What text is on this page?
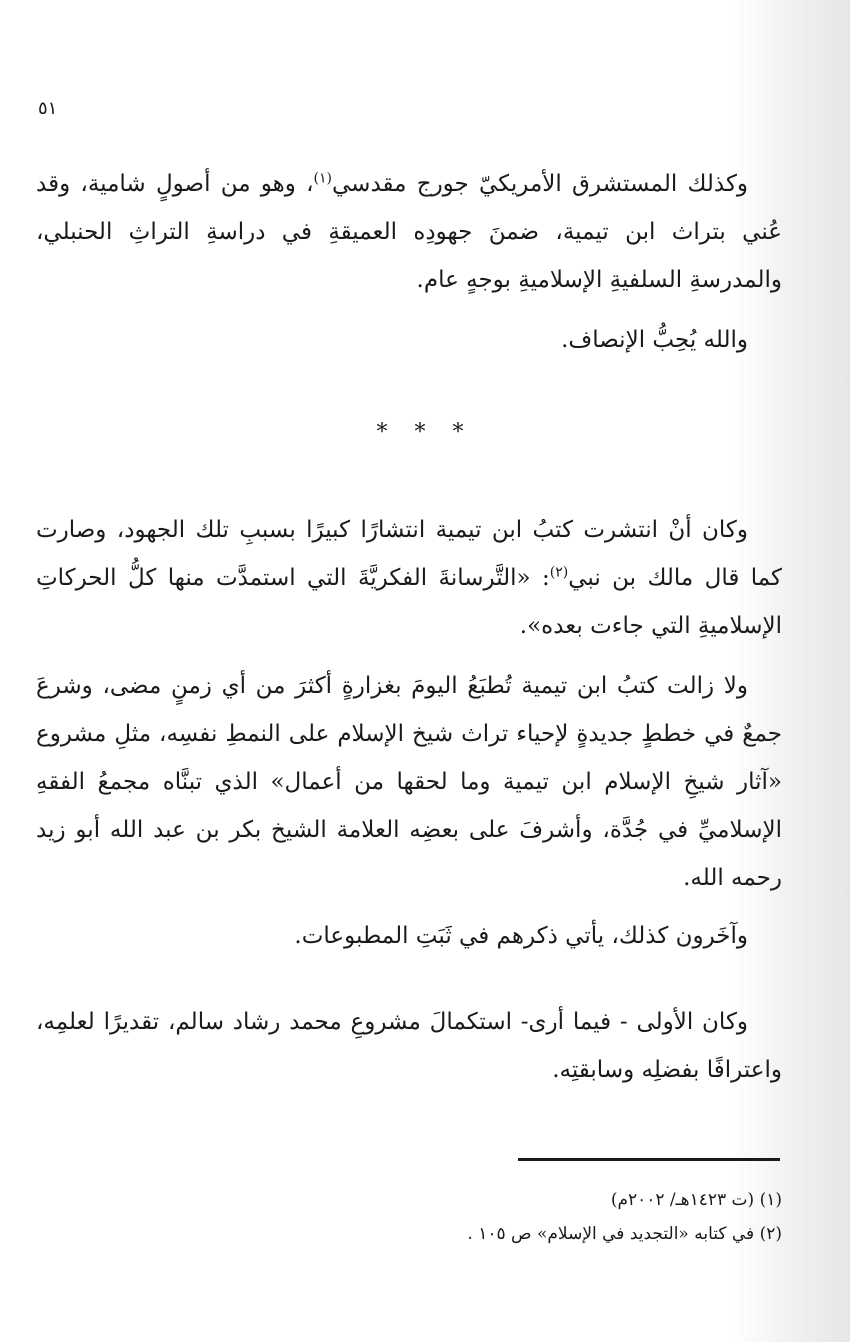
٥١

وكذلك المستشرق الأمريكيّ جورج مقدسي$^{(١)}$، وهو من أصولٍ شامية، وقد عُني بتراث ابن تيمية، ضمنَ جهودِه العميقةِ في دراسةِ التراثِ الحنبلي، والمدرسةِ السلفيةِ الإسلاميةِ بوجهٍ عام.

والله يُحِبُّ الإنصاف.

* * *

وكان أنْ انتشرت كتبُ ابن تيمية انتشارًا كبيرًا بسببِ تلك الجهود، وصارت كما قال مالك بن نبي$^{(٢)}$: «التَّرسانةَ الفكريَّةَ التي استمدَّت منها كلُّ الحركاتِ الإسلاميةِ التي جاءت بعده».

ولا زالت كتبُ ابن تيمية تُطبَعُ اليومَ بغزارةٍ أكثرَ من أي زمنٍ مضى، وشرعَ جمعٌ في خططٍ جديدةٍ لإحياء تراث شيخ الإسلام على النمطِ نفسِه، مثلِ مشروع «آثار شيخِ الإسلام ابن تيمية وما لحقها من أعمال» الذي تبنَّاه مجمعُ الفقهِ الإسلاميِّ في جُدَّة، وأشرفَ على بعضِه العلامة الشيخ بكر بن عبد الله أبو زيد رحمه الله.

وآخَرون كذلك، يأتي ذكرهم في ثَبَتِ المطبوعات.

وكان الأولى - فيما أرى- استكمالَ مشروعِ محمد رشاد سالم، تقديرًا لعلمِه، واعترافًا بفضلِه وسابقتِه.

(١) (ت ١٤٢٣هـ/ ٢٠٠٢م)

(٢) في كتابه «التجديد في الإسلام» ص ١٠٥ .
